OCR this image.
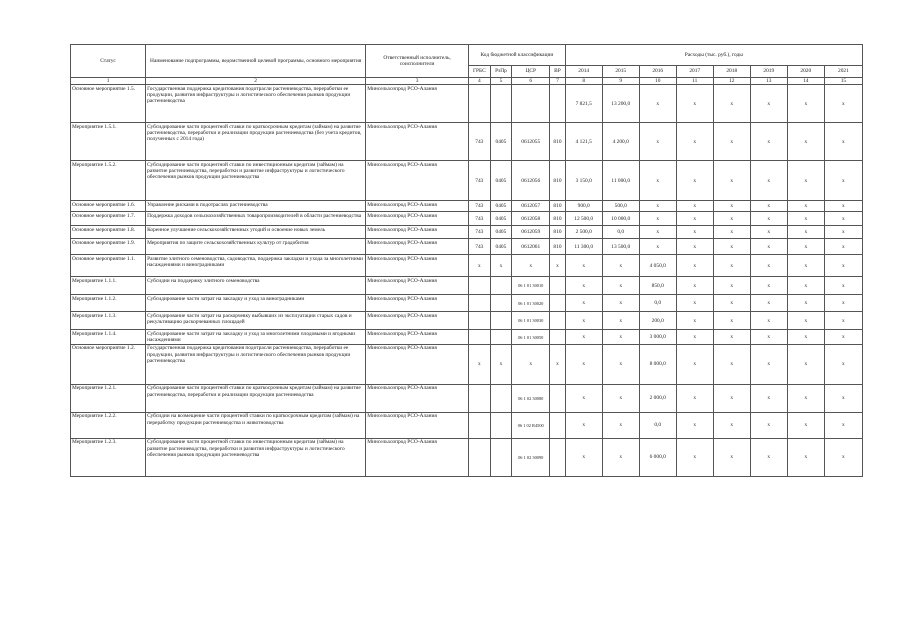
Статус	Наименование подпрограммы, ведомственной целевой программы, основного мероприятия	Ответственный исполнитель, соисполнители	Код бюджетной классификации				Расходы (тыс. руб.), годы							
			ГРБС	РзПр	ЦСР	ВР	2014	2015	2016	2017	2018	2019	2020	2021
1	2	3	4	5	6	7	8	9	10	11	12	13	14	15
Основное мероприятие 1.5.	Государственная поддержка кредитования подотрасли растениеводства, переработки ее продукции, развития инфраструктуры и логистического обеспечения рынков продукции растениеводства	Минсельхозпрод РСО-Алания					7 821,5	13 200,0	x	x	x	x	x	x
Мероприятие 1.5.1.	Субсидирование части процентной ставки по краткосрочным кредитам (займам) на развитие растениеводства, переработки и реализации продукции растениеводства (без учета кредитов, полученных с 2014 года)	Минсельхозпрод РСО-Алания	743	0405	0612055	810	4 121,5	4 200,0	x	x	x	x	x	x
Мероприятие 1.5.2.	Субсидирование части процентной ставки по инвестиционным кредитам (займам) на развитие растениеводства, переработки и развитие инфраструктуры и логистического обеспечения рынков продукции растениеводства	Минсельхозпрод РСО-Алания	743	0405	0612056	810	3 150,0	11 000,0	x	x	x	x	x	x
Основное мероприятие 1.6.	Управление рисками в подотраслях растениеводства	Минсельхозпрод РСО-Алания	743	0405	0612057	810	900,0	500,0	x	x	x	x	x	x
Основное мероприятие 1.7.	Поддержка доходов сельскохозяйственных товаропроизводителей в области растениеводства	Минсельхозпрод РСО-Алания	743	0405	0612058	810	12 500,0	10 000,0	x	x	x	x	x	x
Основное мероприятие 1.8.	Коренное улучшение сельскохозяйственных угодий и освоение новых земель	Минсельхозпрод РСО-Алания	743	0405	0612059	810	2 500,0	0,0	x	x	x	x	x	x
Основное мероприятие 1.9.	Мероприятия по защите сельскохозяйственных культур от градобития	Минсельхозпрод РСО-Алания	743	0405	0612061	810	11 300,0	13 500,0	x	x	x	x	x	x
Основное мероприятие 1.1.	Развитие элитного семеноводства, садоводства, поддержка закладки и ухода за многолетними насаждениями и виноградниками	Минсельхозпрод РСО-Алания	x	x	x	x	x	x	4 050,0	x	x	x	x	x
Мероприятие 1.1.1.	Субсидии на поддержку элитного семеноводства	Минсельхозпрод РСО-Алания			06 1 01 30010		x	x	850,0	x	x	x	x	x
Мероприятие 1.1.2.	Субсидирование части затрат на закладку и уход за виноградниками	Минсельхозпрод РСО-Алания			06 1 01 30020		x	x	0,0	x	x	x	x	x
Мероприятие 1.1.3.	Субсидирование части затрат на раскорчевку выбывших из эксплуатации старых садов и рекультивацию раскорчеванных площадей	Минсельхозпрод РСО-Алания			06 1 01 30030		x	x	200,0	x	x	x	x	x
Мероприятие 1.1.4.	Субсидирование части затрат на закладку и уход за многолетними плодовыми и ягодными насаждениями	Минсельхозпрод РСО-Алания			06 1 01 30050		x	x	3 000,0	x	x	x	x	x
Основное мероприятие 1.2.	Государственная поддержка кредитования подотрасли растениеводства, переработки ее продукции, развития инфраструктуры и логистического обеспечения рынков продукции растениеводства	Минсельхозпрод РСО-Алания	x	x	x	x	x	x	8 000,0	x	x	x	x	x
Мероприятие 1.2.1.	Субсидирование части процентной ставки по краткосрочным кредитам (займам) на развитие растениеводства, переработки и реализации продукции растениеводства	Минсельхозпрод РСО-Алания			06 1 02 30080		x	x	2 000,0	x	x	x	x	x
Мероприятие 1.2.2.	Субсидии на возмещение части процентной ставки по краткосрочным кредитам (займам) на переработку продукции растениеводства и животноводства	Минсельхозпрод РСО-Алания			06 1 02 R4500		x	x	0,0	x	x	x	x	x
Мероприятие 1.2.3.	Субсидирование части процентной ставки по инвестиционным кредитам (займам) на развитие растениеводства, переработки и развития инфраструктуры и логистического обеспечения рынков продукции растениеводства	Минсельхозпрод РСО-Алания			06 1 02 30090		x	x	6 000,0	x	x	x	x	x
